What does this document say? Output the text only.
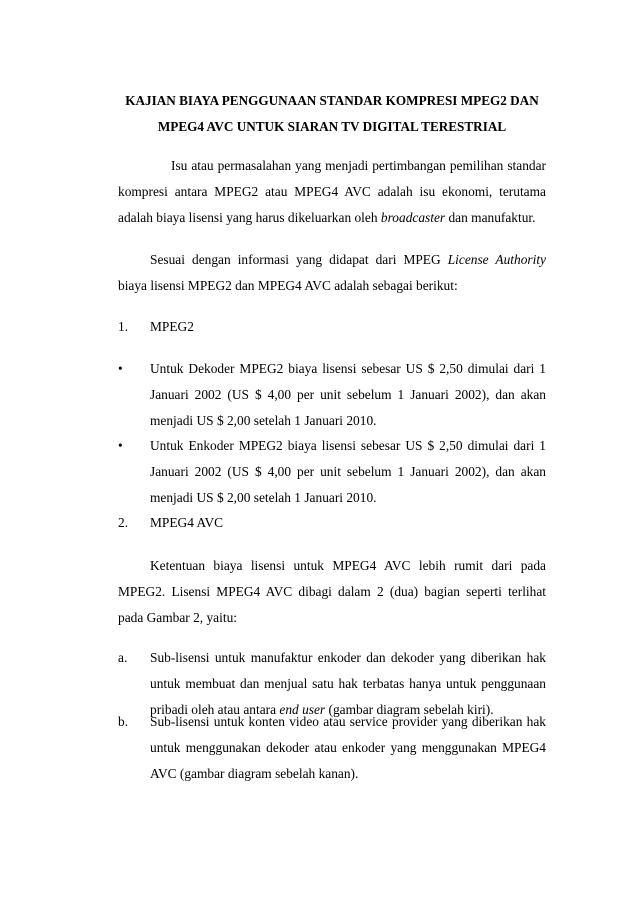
KAJIAN BIAYA PENGGUNAAN STANDAR KOMPRESI MPEG2 DAN
MPEG4 AVC UNTUK SIARAN TV DIGITAL TERESTRIAL

Isu atau permasalahan yang menjadi pertimbangan pemilihan standar kompresi antara MPEG2 atau MPEG4 AVC adalah isu ekonomi, terutama adalah biaya lisensi yang harus dikeluarkan oleh broadcaster dan manufaktur.

Sesuai dengan informasi yang didapat dari MPEG License Authority biaya lisensi MPEG2 dan MPEG4 AVC adalah sebagai berikut:

1. MPEG2
• Untuk Dekoder MPEG2 biaya lisensi sebesar US $ 2,50 dimulai dari 1 Januari 2002 (US $ 4,00 per unit sebelum 1 Januari 2002), dan akan menjadi US $ 2,00 setelah 1 Januari 2010.
• Untuk Enkoder MPEG2 biaya lisensi sebesar US $ 2,50 dimulai dari 1 Januari 2002 (US $ 4,00 per unit sebelum 1 Januari 2002), dan akan menjadi US $ 2,00 setelah 1 Januari 2010.
2. MPEG4 AVC

Ketentuan biaya lisensi untuk MPEG4 AVC lebih rumit dari pada MPEG2. Lisensi MPEG4 AVC dibagi dalam 2 (dua) bagian seperti terlihat pada Gambar 2, yaitu:

a. Sub-lisensi untuk manufaktur enkoder dan dekoder yang diberikan hak untuk membuat dan menjual satu hak terbatas hanya untuk penggunaan pribadi oleh atau antara end user (gambar diagram sebelah kiri).
b. Sub-lisensi untuk konten video atau service provider yang diberikan hak untuk menggunakan dekoder atau enkoder yang menggunakan MPEG4 AVC (gambar diagram sebelah kanan).
